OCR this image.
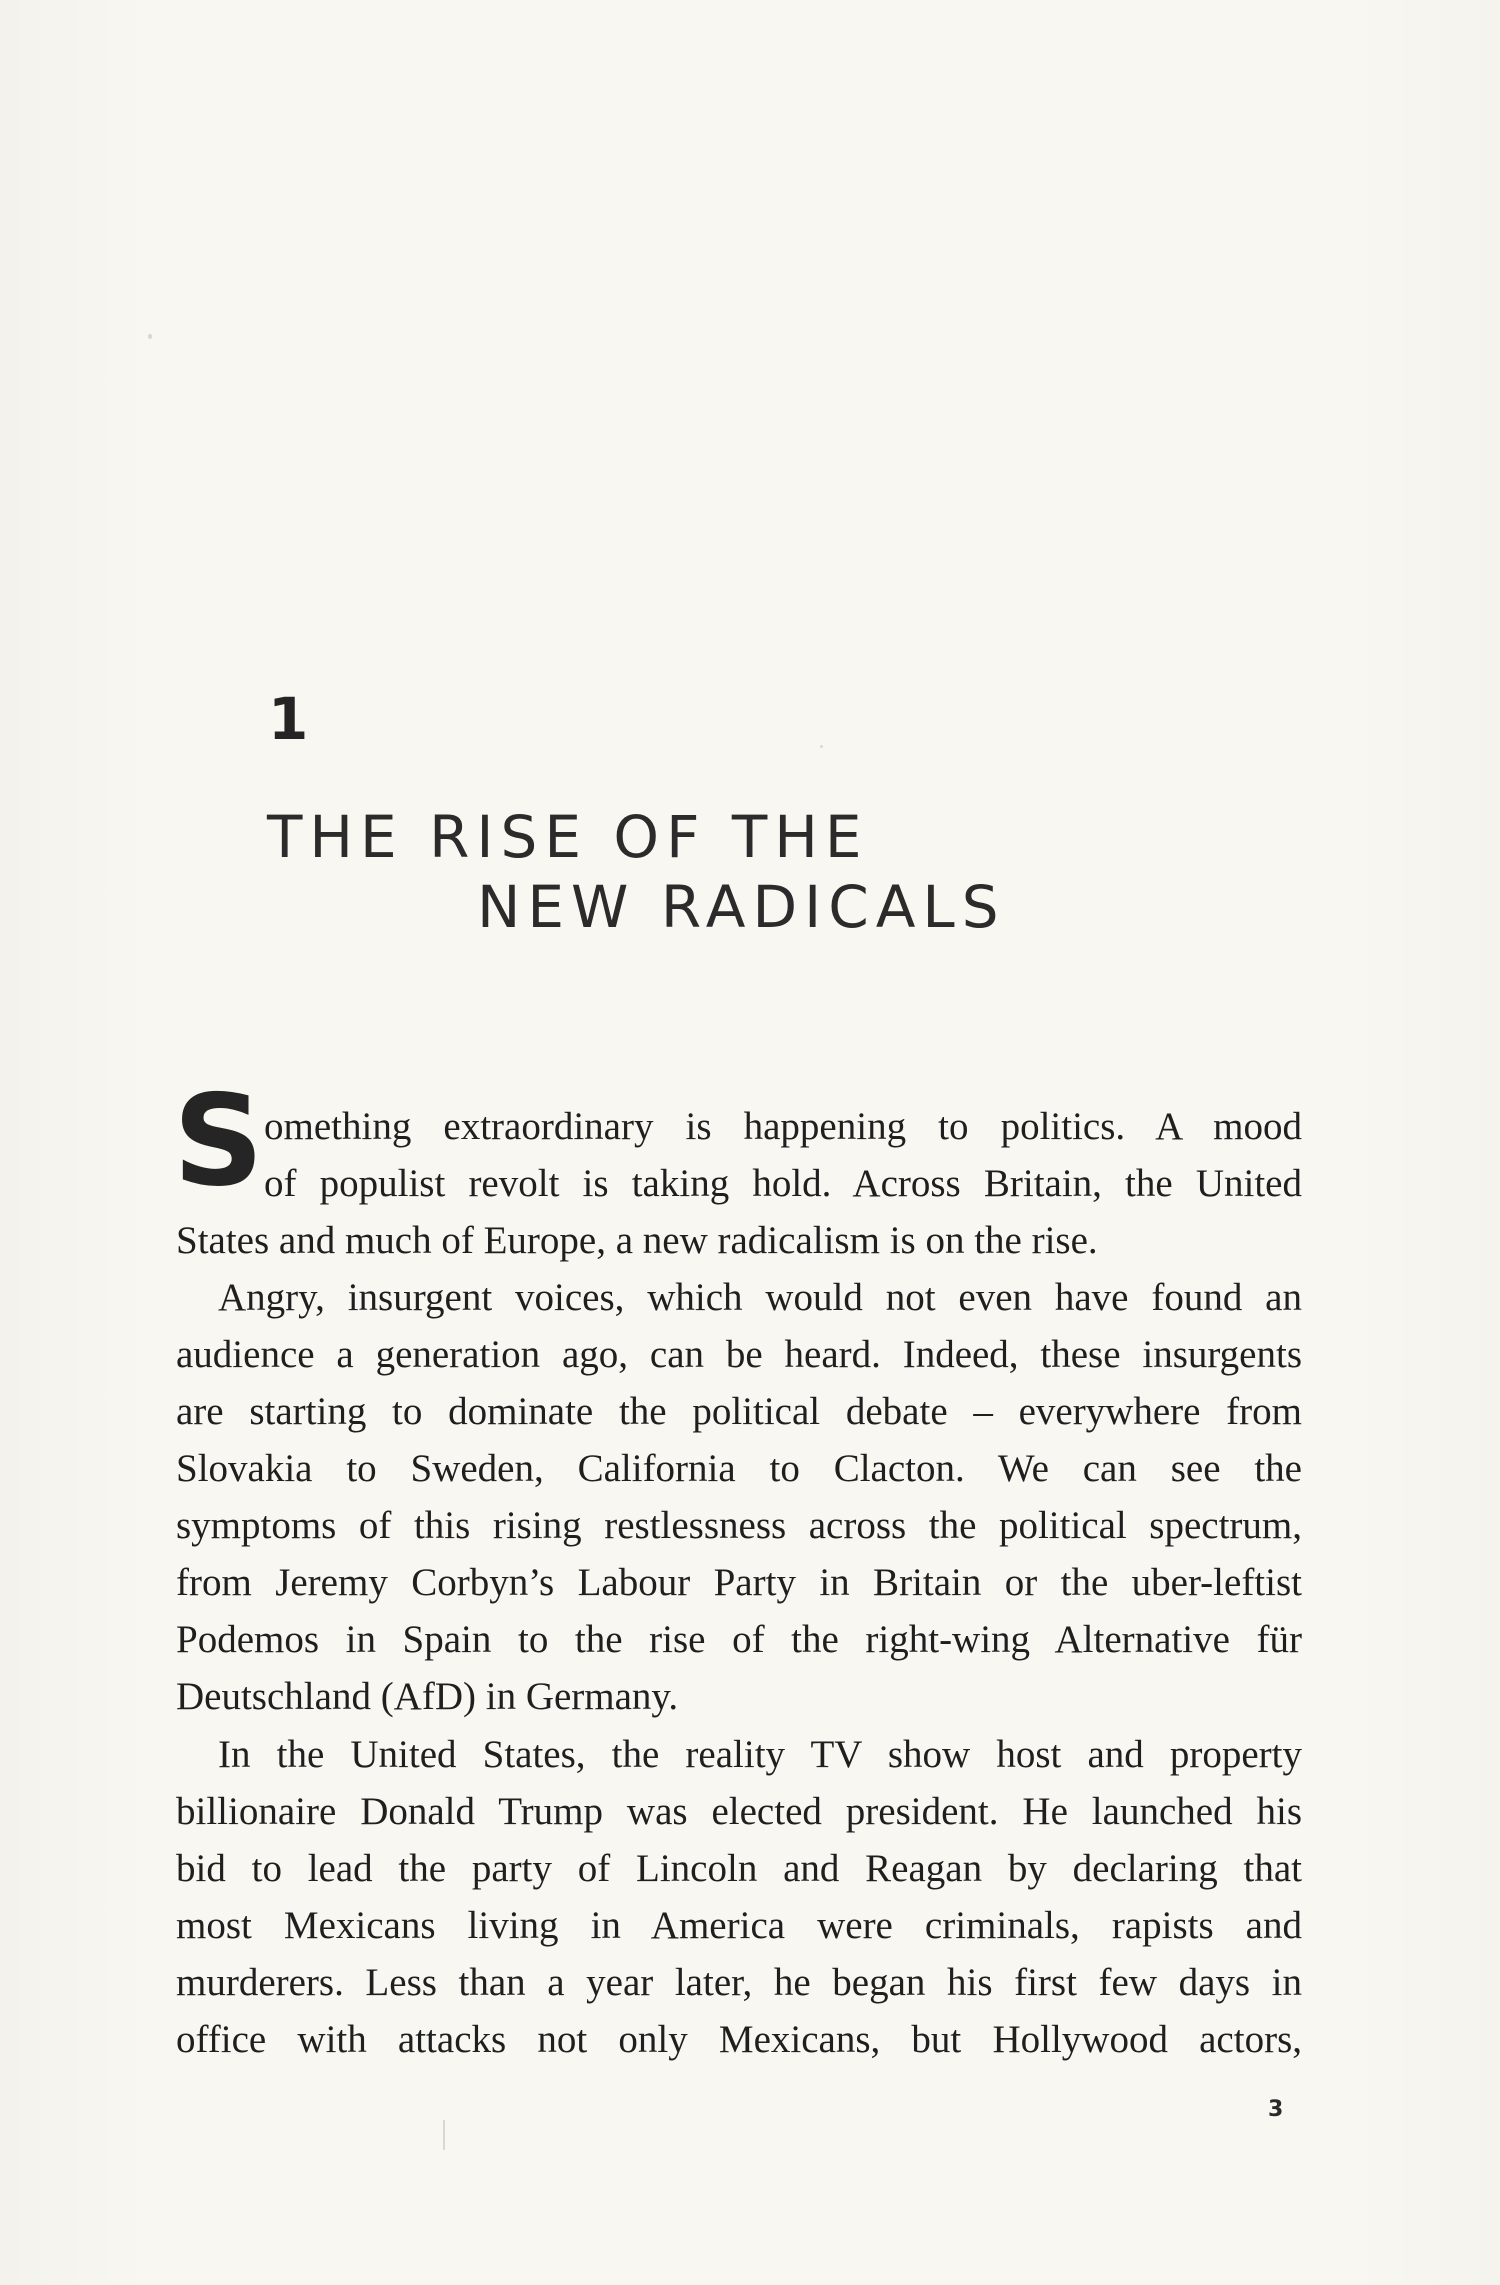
1
THE RISE OF THE
NEW RADICALS
S omething extraordinary is happening to politics. A mood
of populist revolt is taking hold. Across Britain, the United
States and much of Europe, a new radicalism is on the rise.
Angry, insurgent voices, which would not even have found an
audience a generation ago, can be heard. Indeed, these insurgents
are starting to dominate the political debate – everywhere from
Slovakia to Sweden, California to Clacton. We can see the
symptoms of this rising restlessness across the political spectrum,
from Jeremy Corbyn’s Labour Party in Britain or the uber-leftist
Podemos in Spain to the rise of the right-wing Alternative für
Deutschland (AfD) in Germany.
In the United States, the reality TV show host and property
billionaire Donald Trump was elected president. He launched his
bid to lead the party of Lincoln and Reagan by declaring that
most Mexicans living in America were criminals, rapists and
murderers. Less than a year later, he began his first few days in
office with attacks not only Mexicans, but Hollywood actors,
3
